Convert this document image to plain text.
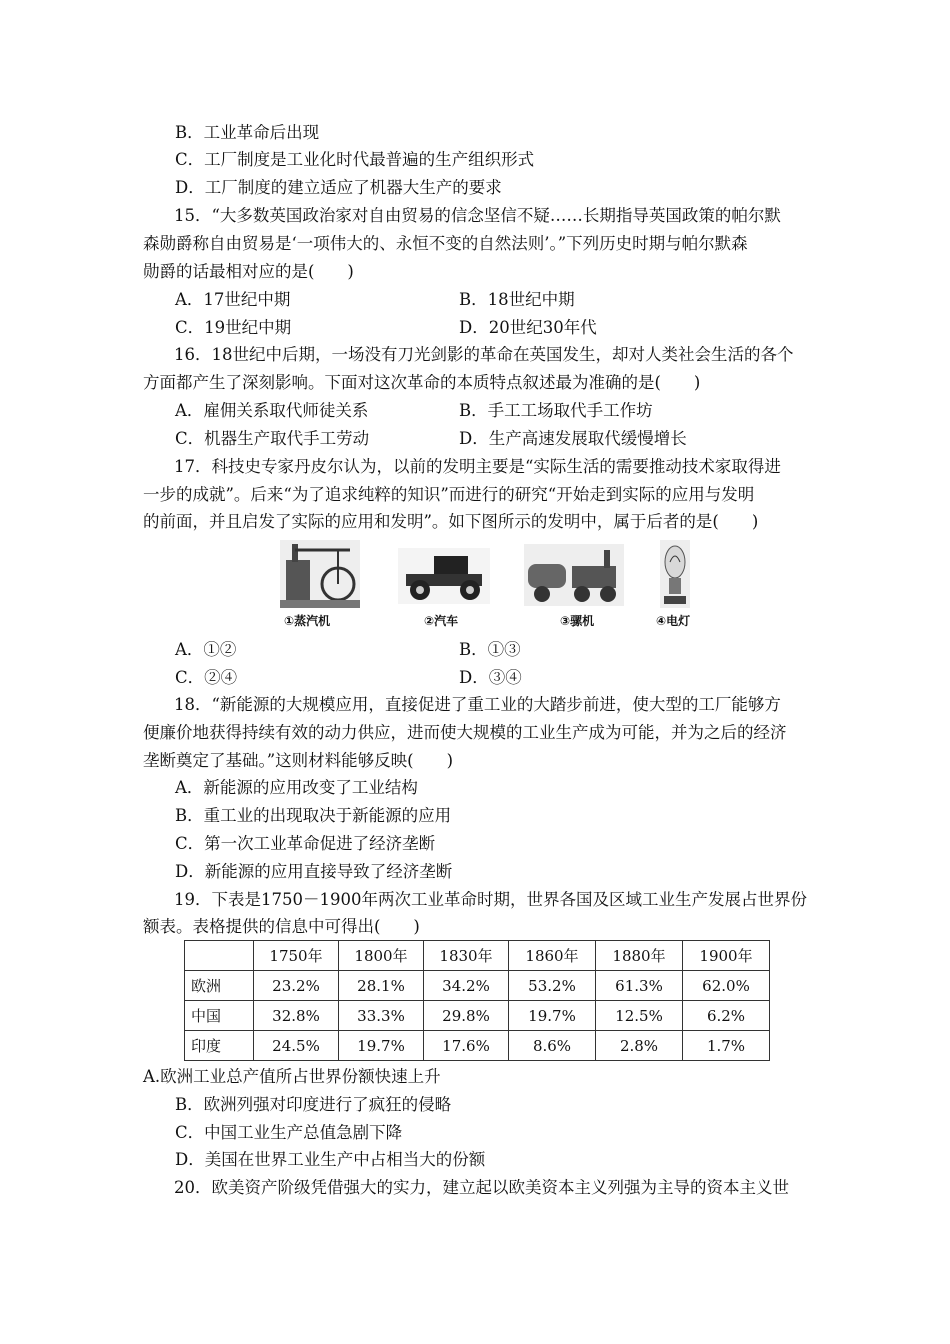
B．工业革命后出现
C．工厂制度是工业化时代最普遍的生产组织形式
D．工厂制度的建立适应了机器大生产的要求
15．“大多数英国政治家对自由贸易的信念坚信不疑……长期指导英国政策的帕尔默
森勋爵称自由贸易是‘一项伟大的、永恒不变的自然法则’。”下列历史时期与帕尔默森
勋爵的话最相对应的是(　　)
A．17世纪中期	B．18世纪中期
C．19世纪中期	D．20世纪30年代
16．18世纪中后期，一场没有刀光剑影的革命在英国发生，却对人类社会生活的各个
方面都产生了深刻影响。下面对这次革命的本质特点叙述最为准确的是(　　)
A．雇佣关系取代师徒关系	B．手工工场取代手工作坊
C．机器生产取代手工劳动	D．生产高速发展取代缓慢增长
17．科技史专家丹皮尔认为，以前的发明主要是“实际生活的需要推动技术家取得进
一步的成就”。后来“为了追求纯粹的知识”而进行的研究“开始走到实际的应用与发明
的前面，并且启发了实际的应用和发明”。如下图所示的发明中，属于后者的是(　　)
①蒸汽机	②汽车	③骡机	④电灯
A．①②	B．①③
C．②④	D．③④
18．“新能源的大规模应用，直接促进了重工业的大踏步前进，使大型的工厂能够方
便廉价地获得持续有效的动力供应，进而使大规模的工业生产成为可能，并为之后的经济
垄断奠定了基础。”这则材料能够反映(　　)
A．新能源的应用改变了工业结构
B．重工业的出现取决于新能源的应用
C．第一次工业革命促进了经济垄断
D．新能源的应用直接导致了经济垄断
19．下表是1750－1900年两次工业革命时期，世界各国及区域工业生产发展占世界份
额表。表格提供的信息中可得出(　　)
	1750年	1800年	1830年	1860年	1880年	1900年
欧洲	23.2%	28.1%	34.2%	53.2%	61.3%	62.0%
中国	32.8%	33.3%	29.8%	19.7%	12.5%	6.2%
印度	24.5%	19.7%	17.6%	8.6%	2.8%	1.7%
A.欧洲工业总产值所占世界份额快速上升
B．欧洲列强对印度进行了疯狂的侵略
C．中国工业生产总值急剧下降
D．美国在世界工业生产中占相当大的份额
20．欧美资产阶级凭借强大的实力，建立起以欧美资本主义列强为主导的资本主义世
